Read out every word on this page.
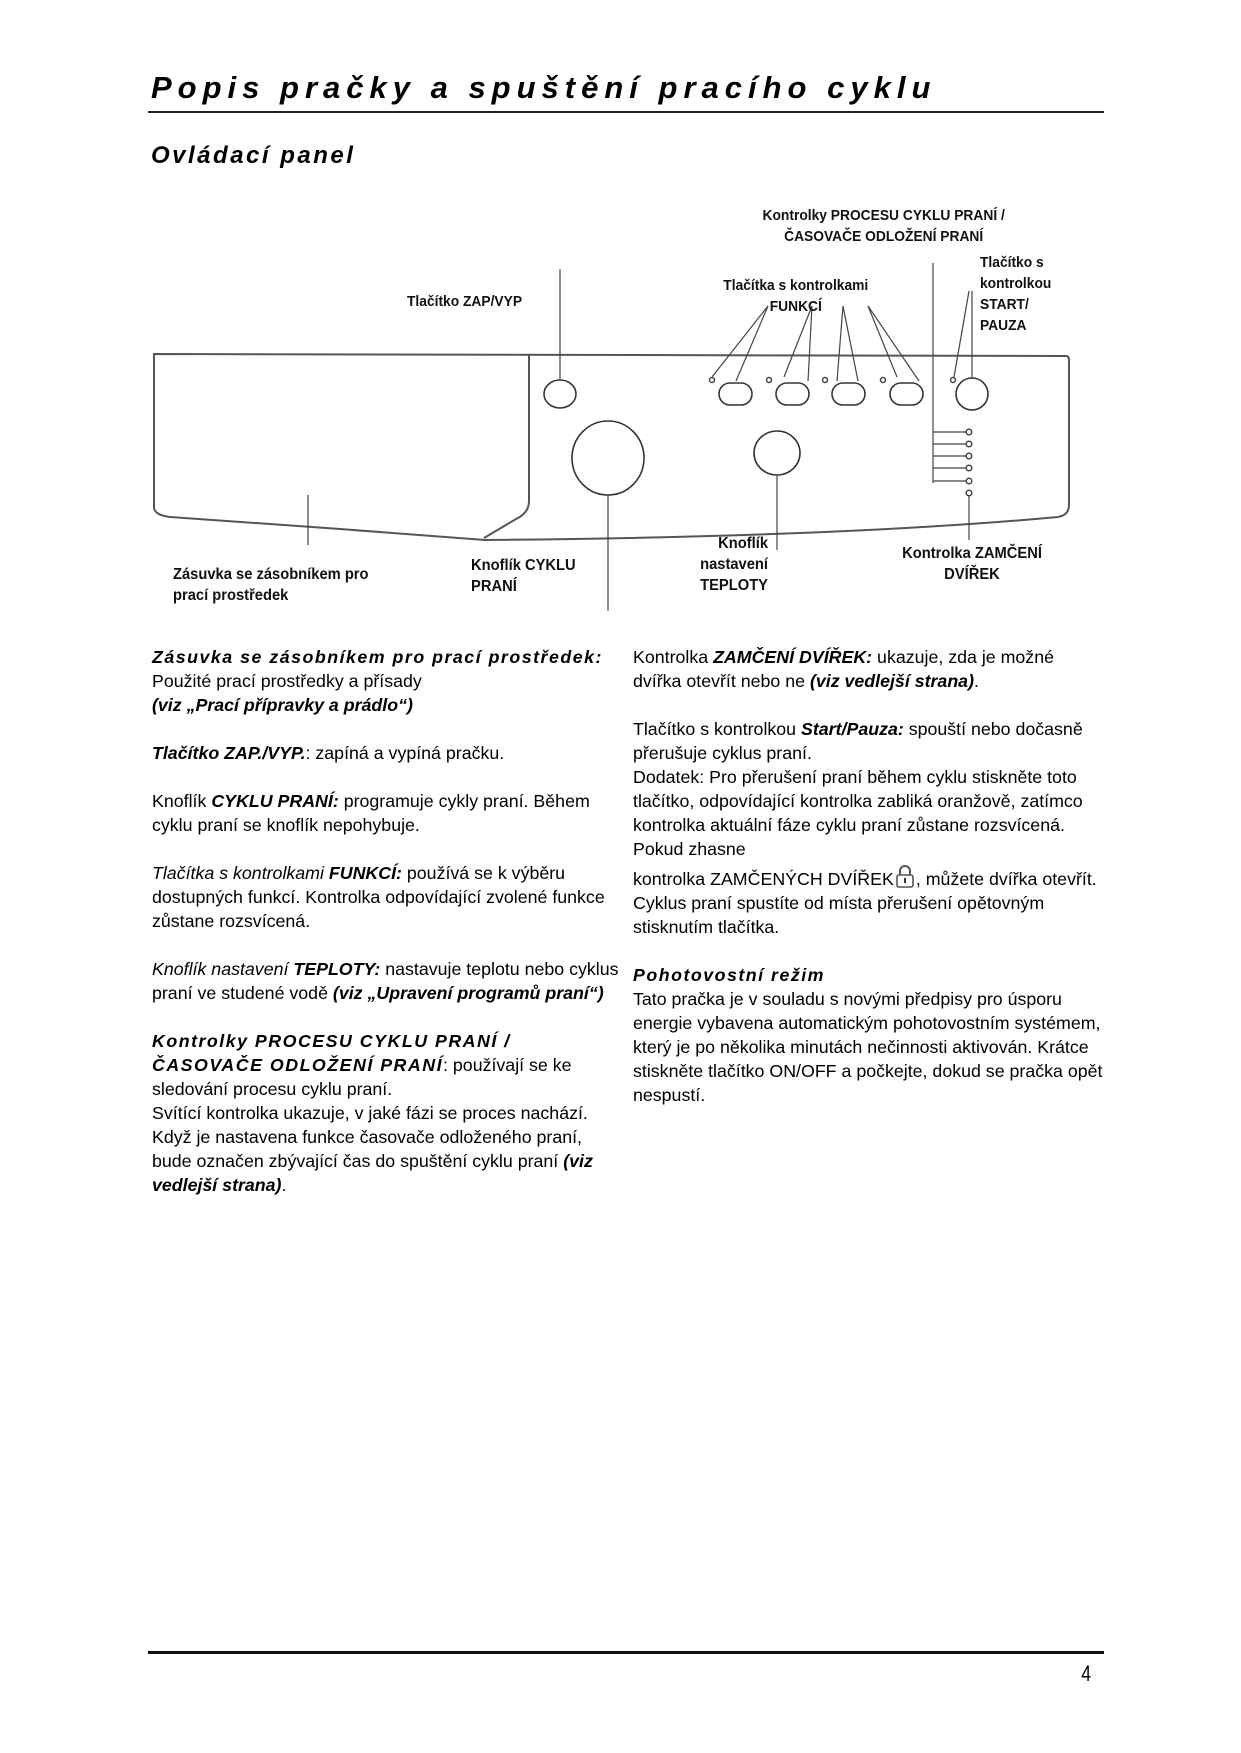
Popis pračky a spuštění pracího cyklu
Ovládací panel
Kontrolky PROCESU CYKLU PRANÍ /
ČASOVAČE ODLOŽENÍ PRANÍ
Tlačítko s
kontrolkou
START/
PAUZA
Tlačítka s kontrolkami
FUNKCÍ
Tlačítko ZAP/VYP
Zásuvka se zásobníkem pro
prací prostředek
Knoflík CYKLU
PRANÍ
Knoflík
nastavení
TEPLOTY
Kontrolka ZAMČENÍ
DVÍŘEK

Zásuvka se zásobníkem pro prací prostředek: Použité prací prostředky a přísady
(viz „Prací přípravky a prádlo“)

Tlačítko ZAP./VYP.: zapíná a vypíná pračku.

Knoflík CYKLU PRANÍ: programuje cykly praní. Během cyklu praní se knoflík nepohybuje.

Tlačítka s kontrolkami FUNKCÍ: používá se k výběru dostupných funkcí. Kontrolka odpovídající zvolené funkce zůstane rozsvícená.

Knoflík nastavení TEPLOTY: nastavuje teplotu nebo cyklus praní ve studené vodě (viz „Upravení programů praní“)

Kontrolky PROCESU CYKLU PRANÍ / ČASOVAČE ODLOŽENÍ PRANÍ: používají se ke sledování procesu cyklu praní.
Svítící kontrolka ukazuje, v jaké fázi se proces nachází.
Když je nastavena funkce časovače odloženého praní, bude označen zbývající čas do spuštění cyklu praní (viz vedlejší strana).

Kontrolka ZAMČENÍ DVÍŘEK: ukazuje, zda je možné dvířka otevřít nebo ne (viz vedlejší strana).

Tlačítko s kontrolkou Start/Pauza: spouští nebo dočasně přerušuje cyklus praní.
Dodatek: Pro přerušení praní během cyklu stiskněte toto tlačítko, odpovídající kontrolka zabliká oranžově, zatímco kontrolka aktuální fáze cyklu praní zůstane rozsvícená. Pokud zhasne
kontrolka ZAMČENÝCH DVÍŘEK , můžete dvířka otevřít.
Cyklus praní spustíte od místa přerušení opětovným stisknutím tlačítka.

Pohotovostní režim
Tato pračka je v souladu s novými předpisy pro úsporu energie vybavena automatickým pohotovostním systémem, který je po několika minutách nečinnosti aktivován. Krátce stiskněte tlačítko ON/OFF a počkejte, dokud se pračka opět nespustí.

4
